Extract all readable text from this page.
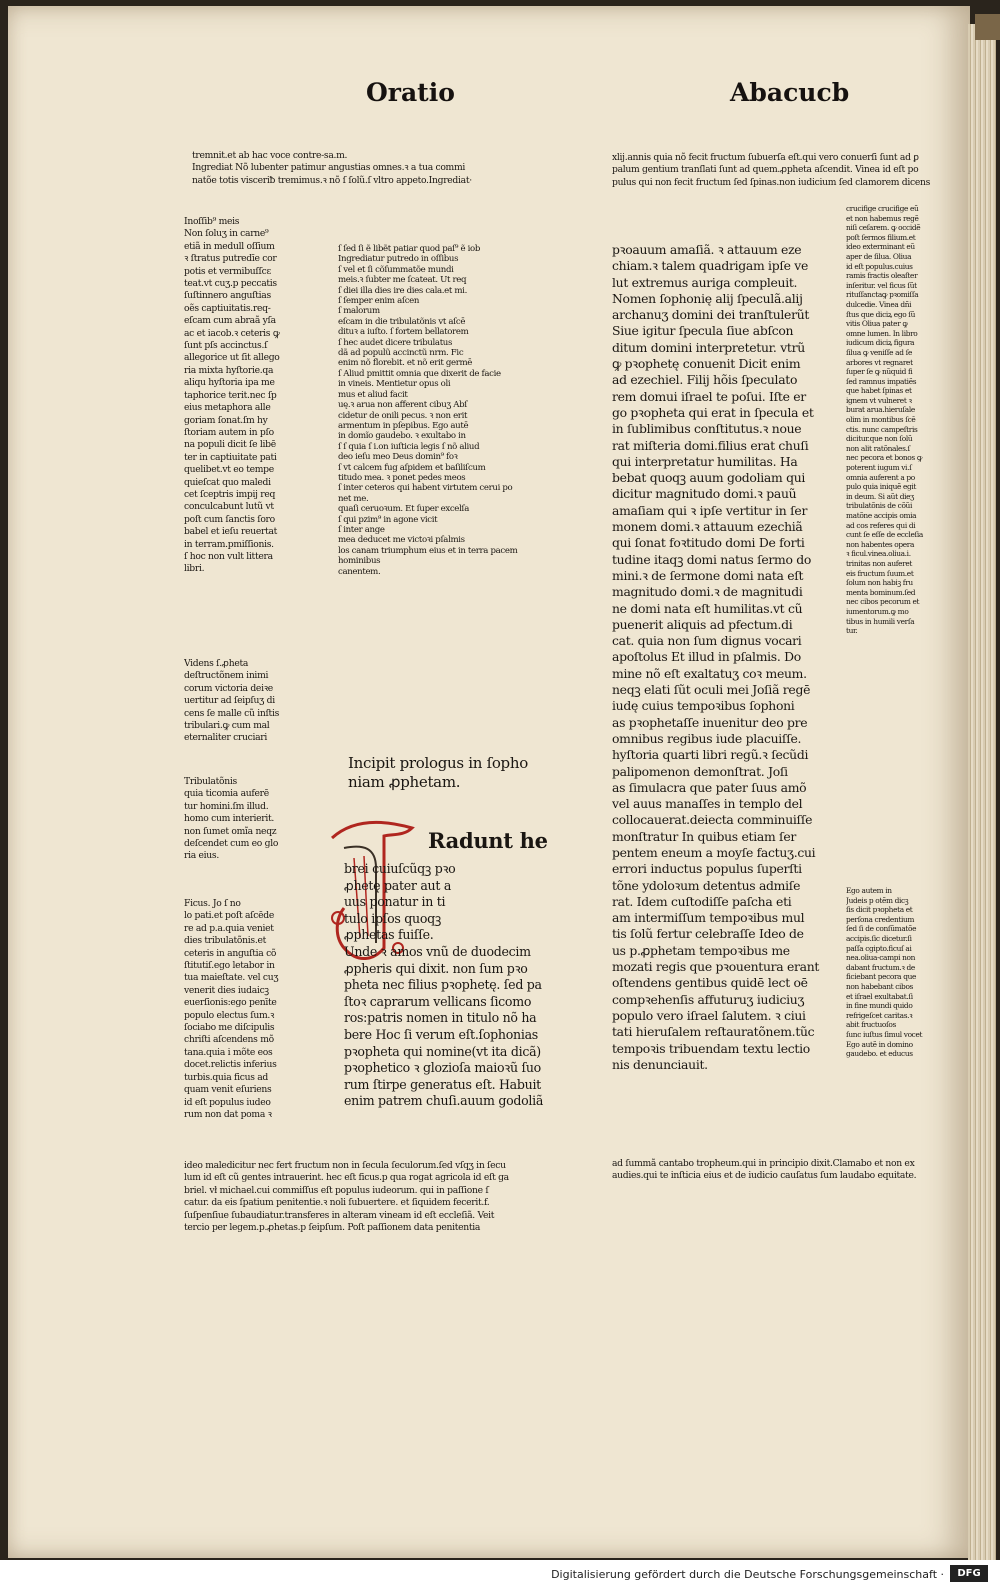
Oratio	Abacucb
tremnit.et ab hac voce contre-sa.m.
Ingrediat Nõ lubenter patimur angustias omnes.ꝛ a tua commi
natõe totis visceriƀ tremimus.ꝛ nõ ſ ſolũ.ſ vltro appeto.Ingrediat·
Inoſſib⁹ meis
Non ſoluʒ in carne⁹
etiã in medull oſſium
ꝛ ſtratus putredīe cor
potis et vermibuſſcɛ
teat.vt cuʒ.p peccatis
ſuſtinnero anguſtias
oẽs captiuitatis.req-
eſcam cum abraã yſa
ac et iacob.ꝛ ceteris ꝙ
ſunt pſs accinctus.ſ
allegorice ut ſit allego
ria mixta hyſtorie.qa
aliqu hyſtoria ipa me
taphorice terit.nec ſp
eius metaphora alle
goriam ſonat.ſm hy
ſtoriam autem in pſo
na populi dicit ſe libē
ter in captiuitate pati
quelibet.vt eo tempe
quieſcat quo maledi
cet ſceptris impij req
conculcabunt lutũ vt
poſt cum ſanctis ſoro
babel et ieſu reuertat
in terram.pmiſſionis.
ſ hoc non vult littera
libri.
Videns ſ.ꝓheta
deſtructõnem inimi
corum victoria deiꝛe
uertitur ad ſeipſuʒ di
cens ſe malle cũ inſtis
tribulari.ꝙ cum mal
eternaliter cruciari
Tribulatõnis
quia ticomia auferē
tur homini.ſm illud.
homo cum interierit.
non ſumet omĩa neqz
deſcendet cum eo glo
ria eius.
Ficus. Jo ſ no
lo pati.et poſt aſcēde
re ad p.a.quia veniet
dies tribulatõnis.et
ceteris in anguſtia cõ
ſtitutiſ.ego letabor in
tua maieſtate. vel cuʒ
venerit dies iudaicꝫ
euerſionis:ego penīte
populo electus ſum.ꝛ
ſociabo me diſcipulis
chriſti aſcendens mõ
tana.quia i mõte eos
docet.relictis inferius
turbis.quia ficus ad
quam venit eſuriens
id eſt populus iudeo
rum non dat poma ꝛ
ideo maledicitur nec fert fructum non in ſecula ſeculorum.ſed vſqʒ in ſecu
lum id eſt cũ gentes intrauerint. hec eſt ficus.p qua rogat agricola id eſt ga
briel. vł michael.cui commiſſus eſt populus iudeorum. qui in paſſione ſ
catur. da eis ſpatium penitentie.ꝛ noli ſubuertere. et ſiquidem fecerit.f.
ſuſpenſiue ſubaudiatur.transferes in alteram vineam id eſt eccleſiã. Veit
tercio per legem.p.ꝓhetas.p ſeipſum. Poſt paſſionem data penitentia
ſ ſed ſi ẽ libẽt patiar quod paſ⁹ ẽ iob
Ingrediatur putredo in oſſibus
ſ vel et ſi cõſummatõe mundi
meis.ꝛ ſubter me ſcateat. Ut req
ſ diei illa dies ire dies cala.et mi.
ſ ſemper enim aſcen
ſ malorum
eſcam in die tribulatõnis vt aſcē
dituꝛ a iuſto. ſ fortem bellatorem
ſ hec audet dicere tribulatus
dã ad populũ accinctũ nrm. Fic
enim nõ florebit. et nõ erit germē
ſ Aliud pmittit omnia que dixerit de facie
in vineis. Mentietur opus oli
mus et aliud facit
uę.ꝛ arua non afferent cibuʒ Abſ
cidetur de onili pecus. ꝛ non erit
armentum in pſepibus. Ego autē
in domĩo gaudebo. ꝛ exultabo in
ſ ſ quia ſ i.on iuſticia legis ſ nõ aliud
deo ieſu meo Deus domin⁹ foꝛ
ſ vt calcem fug aſpidem et baſiliſcum
titudo mea. ꝛ ponet pedes meos
ſ inter ceteros qui habent virtutem cerui po
net me.
quaſi ceruoꝛum. Et ſuper excelſa
ſ qui pzim⁹ in agone vicit
ſ inter ange
mea deducet me victoꝛi pſalmis
los canam triumphum eius et in terra pacem
hominibus
canentem.
Incipit prologus in ſopho
niam ꝓphetam.
Radunt he
brei cuiuſcũqꝫ pꝛo
ꝓhetę pater aut a
uus ponatur in ti
tulo ipſos quoqꝫ
ꝓphetas fuiſſe.
Unde ꝛ amos vnũ de duodecim
ꝓpheris qui dixit. non ſum pꝛo
pheta nec filius pꝛophetę. ſed pa
ſtoꝛ caprarum vellicans ſicomo
ros:patris nomen in titulo nõ ha
bere Hoc ſi verum eſt.ſophonias
pꝛopheta qui nomine(vt ita dicã)
pꝛophetico ꝛ glozioſa maioꝛũ ſuo
rum ſtirpe generatus eſt. Habuit
enim patrem chuſi.auum godoliã
xlij.annis quia nõ fecit fructum ſubuerſa eſt.qui vero conuerſi ſunt ad ꝑ
palum gentium tranſlati ſunt ad quem.ꝓpheta aſcendit. Vinea id eſt po
pulus qui non fecit fructum ſed ſpinas.non iudicium ſed clamorem dicens
pꝛoauum amaſiã. ꝛ attauum eze
chiam.ꝛ talem quadrigam ipſe ve
lut extremus auriga compleuit.
Nomen ſophonię alij ſpeculã.alij
archanuʒ domini dei tranſtulerũt
Siue igitur ſpecula ſiue abſcon
ditum domini interpretetur. vtrũ
ꝙ pꝛophetę conuenit Dicit enim
ad ezechiel. Filij hõis ſpeculato
rem domui iſrael te poſui. Iſte er
go pꝛopheta qui erat in ſpecula et
in ſublimibus conſtitutus.ꝛ noue
rat miſteria domi.filius erat chuſi
qui interpretatur humilitas. Ha
bebat quoqꝫ auum godoliam qui
dicitur magnitudo domi.ꝛ pauũ
amaſiam qui ꝛ ipſe vertitur in ſer
monem domi.ꝛ attauum ezechiã
qui ſonat foꝛtitudo domi De forti
tudine itaqꝫ domi natus ſermo do
mini.ꝛ de ſermone domi nata eſt
magnitudo domi.ꝛ de magnitudi
ne domi nata eſt humilitas.vt cũ
puenerit aliquis ad pfectum.di
cat. quia non ſum dignus vocari
apoſtolus Et illud in pſalmis. Do
mine nõ eſt exaltatuʒ coꝛ meum.
neqꝫ elati ſũt oculi mei Joſiã regē
iudę cuius tempoꝛibus ſophoni
as pꝛophetaſſe inuenitur deo pre
omnibus regibus iude placuiſſe.
hyſtoria quarti libri regũ.ꝛ ſecũdi
palipomenon demonſtrat. Joſi
as ſimulacra que pater ſuus amõ
vel auus manaſſes in templo del
collocauerat.deiecta comminuiſſe
monſtratur In quibus etiam ſer
pentem eneum a moyſe factuʒ.cui
errori inductus populus ſuperſti
tõne ydoloꝛum detentus admiſe
rat. Idem cuſtodiſſe paſcha eti
am intermiſſum tempoꝛibus mul
tis ſolũ fertur celebraſſe Ideo de
us p.ꝓphetam tempoꝛibus me
mozati regis que pꝛouentura erant
oſtendens gentibus quidē lect oē
compꝛehenſis affuturuʒ iudiciuʒ
populo vero iſrael ſalutem. ꝛ ciui
tati hieruſalem reſtauratõnem.tũc
tempoꝛis tribuendam textu lectio
nis denunciauit.
ad ſummã cantabo tropheum.qui in principio dixit.Clamabo et non ex
audies.qui te inſticia eius et de iudicio cauſatus ſum laudabo equitate.
crucifige crucifige eũ
et non habemus regẽ
niſi ceſarem. ꝙ occidẽ
poſt ſermos filium.et
ideo exterminant eũ
aper de ſilua. Oliua
id eſt populus.cuius
ramis fractis oleaſter
inſeritur. vel ficus ſũt
rituſſanctaꝙ pꝛomiſſa
dulcedie. Vinea dñi
ſtus que diciꝝ ego ſũ
vitis Oliua pater ꝙ
omne lumen. In libro
iudicum diciꝝ figura
ſilua ꝙ veniſſe ad ſe
arbores vt regnaret
ſuper ſe ꝙ nũquid fi
ſed ramnus impatiẽs
que habet ſpinas et
ignem vt vulneret ꝛ
burat arua.hieruſale
olim in montibus ſcē
ctis. nunc campeſtris
dicitur.que non ſolũ
non alit ratõnales.ſ
nec pecora et bonos ꝙ
poterent iugum vi.ſ
omnia auferent a po
pulo quia iniquẽ egit
in deum. Si aũt dieʒ
tribulatõnis de cõũi
matõne accipis omia
ad cos referes qui di
cunt ſe eſſe de eccleſia
non habentes opera
ꝛ ficul.vinea.oliua.i.
trinitas non auferet
eis fructum ſuum.et
ſolum non habiꝫ fru
menta bominum.ſed
nec cibos pecorum et
iumentorum.ꝙ mo
tibus in humili verſa
tur.
Ego autem in
Judeis p otẽm dicꝫ
ſis dicit pꝛopheta et
perſona credentium
ſed ſi de conſũmatõe
accipis.ſic dicetur.ſi
paſſa cgipto.ficuſ ai
nea.oliua-campi non
dabant fructum.ꝛ de
ficiebant pecora que
non habebant cibos
et iſrael exultabat.ſi
in fine mundi quido
refrigeſcet caritas.ꝛ
abit fructuoſos
ſunc iuſtus ſimul vocet
Ego autẽ in domino
gaudebo. et educus
Digitalisierung gefördert durch die Deutsche Forschungsgemeinschaft ·	DFG
